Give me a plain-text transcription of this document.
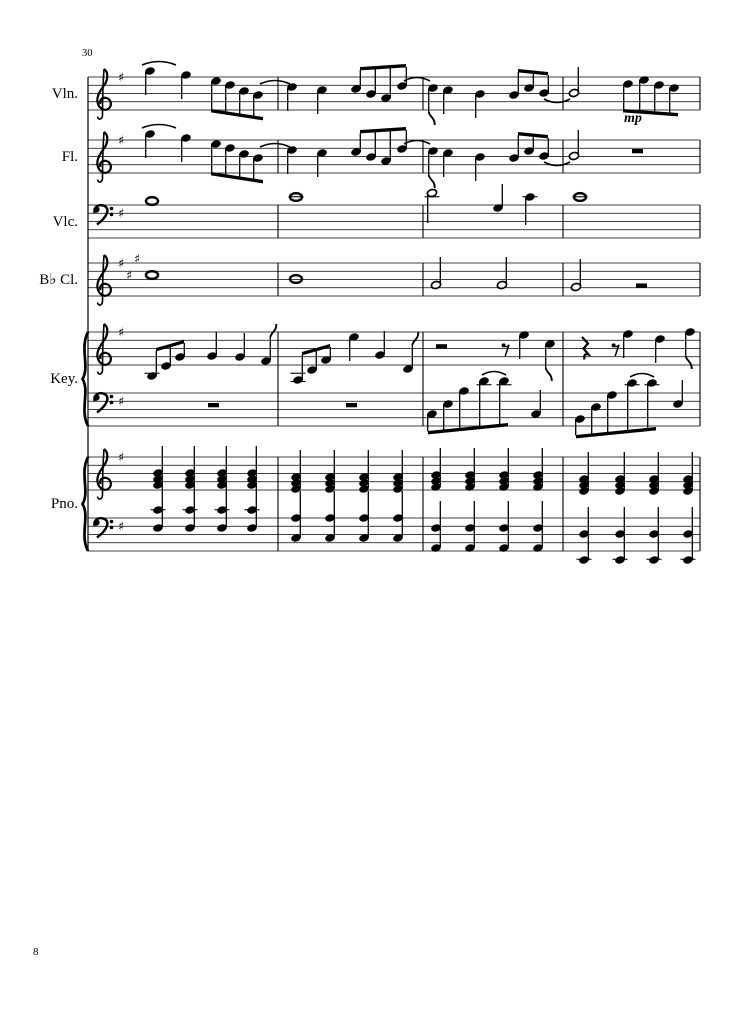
30
♯
mp
♯
♯
♯
♯
♯
♯
♯
♯
♯
Vln.
Fl.
Vlc.
B♭ Cl.
Key.
Pno.
8
